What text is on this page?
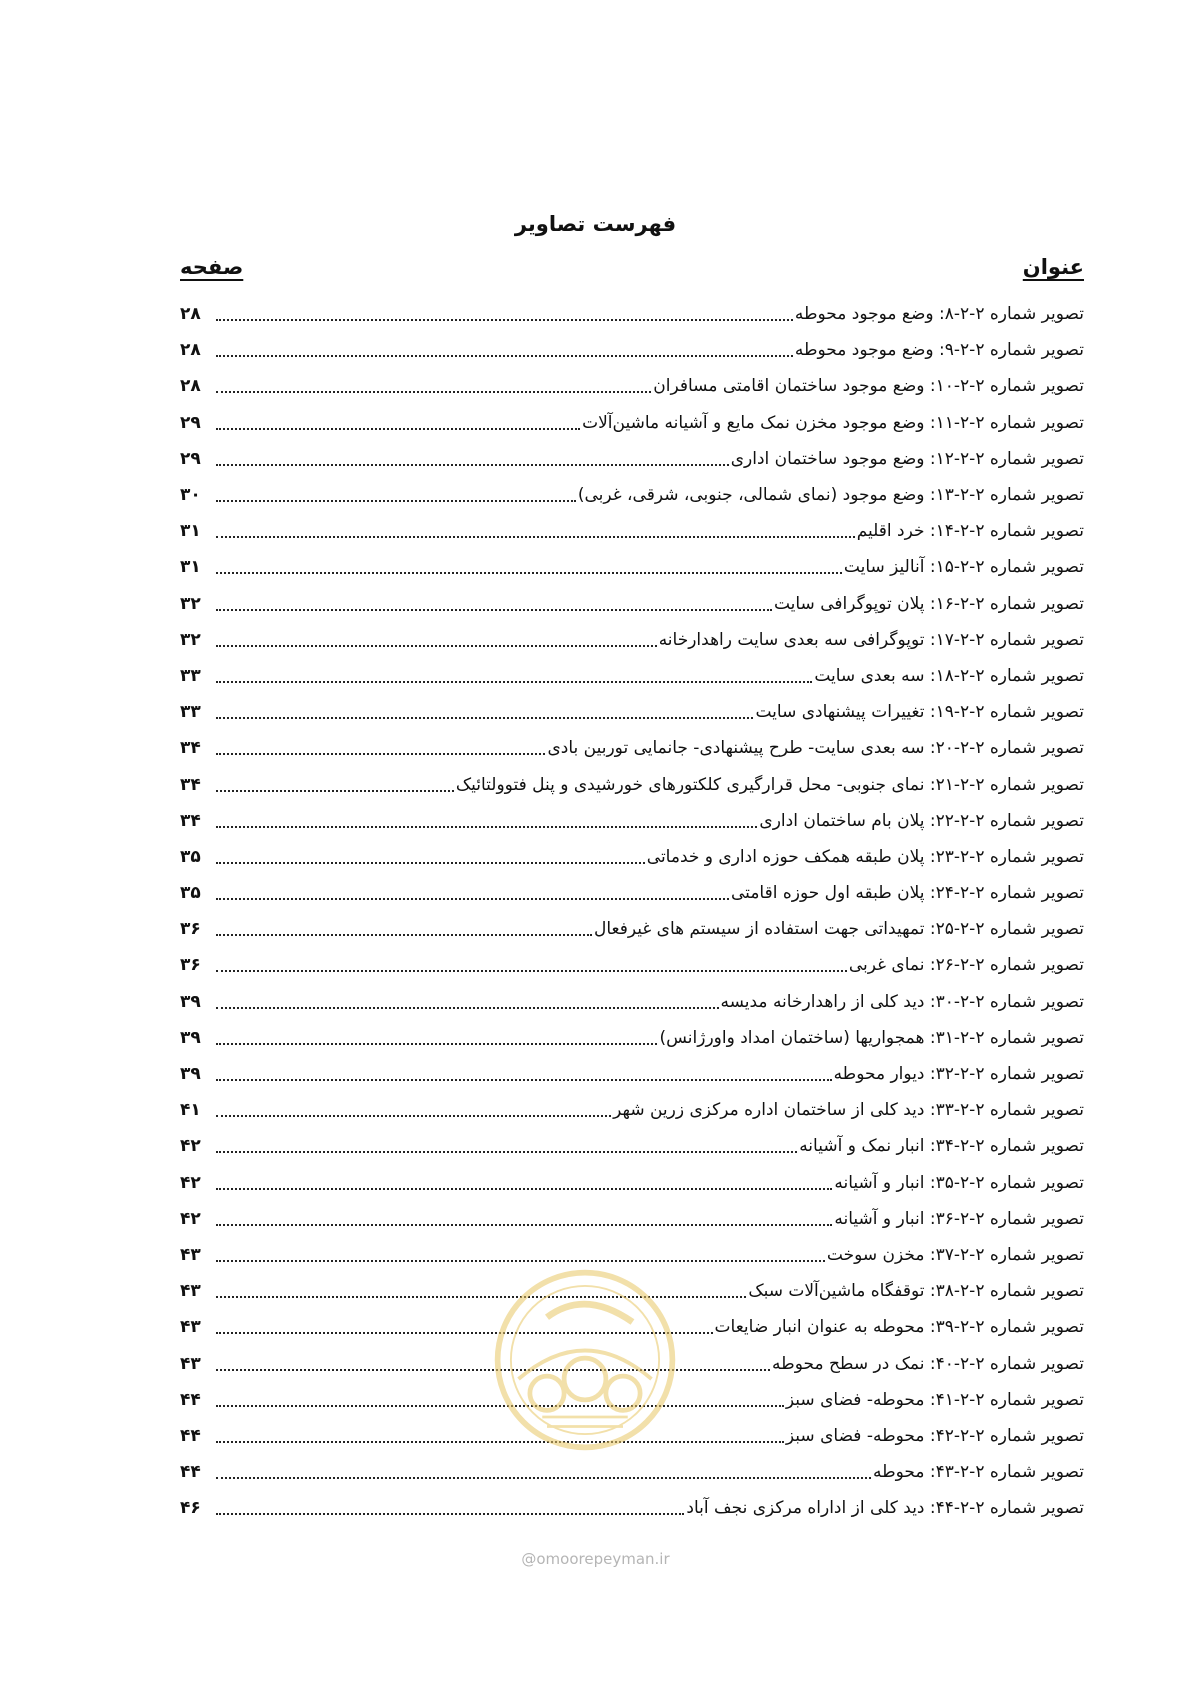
فهرست تصاویر
عنوان
صفحه
تصویر شماره ۲-۲-۸: وضع موجود محوطه
۲۸
تصویر شماره ۲-۲-۹: وضع موجود محوطه
۲۸
تصویر شماره ۲-۲-۱۰: وضع موجود ساختمان اقامتی مسافران
۲۸
تصویر شماره ۲-۲-۱۱: وضع موجود مخزن نمک مایع و آشیانه ماشین‌آلات
۲۹
تصویر شماره ۲-۲-۱۲: وضع موجود ساختمان اداری
۲۹
تصویر شماره ۲-۲-۱۳: وضع موجود (نمای شمالی، جنوبی، شرقی، غربی)
۳۰
تصویر شماره ۲-۲-۱۴: خرد اقلیم
۳۱
تصویر شماره ۲-۲-۱۵: آنالیز سایت
۳۱
تصویر شماره ۲-۲-۱۶: پلان توپوگرافی سایت
۳۲
تصویر شماره ۲-۲-۱۷: توپوگرافی سه بعدی سایت راهدارخانه
۳۲
تصویر شماره ۲-۲-۱۸: سه بعدی سایت
۳۳
تصویر شماره ۲-۲-۱۹: تغییرات پیشنهادی سایت
۳۳
تصویر شماره ۲-۲-۲۰: سه بعدی سایت- طرح پیشنهادی- جانمایی توربین بادی
۳۴
تصویر شماره ۲-۲-۲۱: نمای جنوبی- محل قرارگیری کلکتورهای خورشیدی و پنل فتوولتائیک
۳۴
تصویر شماره ۲-۲-۲۲: پلان بام ساختمان اداری
۳۴
تصویر شماره ۲-۲-۲۳: پلان طبقه همکف حوزه اداری و خدماتی
۳۵
تصویر شماره ۲-۲-۲۴: پلان طبقه اول حوزه اقامتی
۳۵
تصویر شماره ۲-۲-۲۵: تمهیداتی جهت استفاده از سیستم های غیرفعال
۳۶
تصویر شماره ۲-۲-۲۶: نمای غربی
۳۶
تصویر شماره ۲-۲-۳۰: دید کلی از راهدارخانه مدیسه
۳۹
تصویر شماره ۲-۲-۳۱: همجواریها (ساختمان امداد واورژانس)
۳۹
تصویر شماره ۲-۲-۳۲: دیوار محوطه
۳۹
تصویر شماره ۲-۲-۳۳: دید کلی از ساختمان اداره مرکزی زرین شهر
۴۱
تصویر شماره ۲-۲-۳۴: انبار نمک و آشیانه
۴۲
تصویر شماره ۲-۲-۳۵: انبار و آشیانه
۴۲
تصویر شماره ۲-۲-۳۶: انبار و آشیانه
۴۲
تصویر شماره ۲-۲-۳۷: مخزن سوخت
۴۳
تصویر شماره ۲-۲-۳۸: توقفگاه ماشین‌آلات سبک
۴۳
تصویر شماره ۲-۲-۳۹: محوطه به عنوان انبار ضایعات
۴۳
تصویر شماره ۲-۲-۴۰: نمک در سطح محوطه
۴۳
تصویر شماره ۲-۲-۴۱: محوطه- فضای سبز
۴۴
تصویر شماره ۲-۲-۴۲: محوطه- فضای سبز
۴۴
تصویر شماره ۲-۲-۴۳: محوطه
۴۴
تصویر شماره ۲-۲-۴۴: دید کلی از اداراه مرکزی نجف آباد
۴۶
@omoorepeyman.ir
